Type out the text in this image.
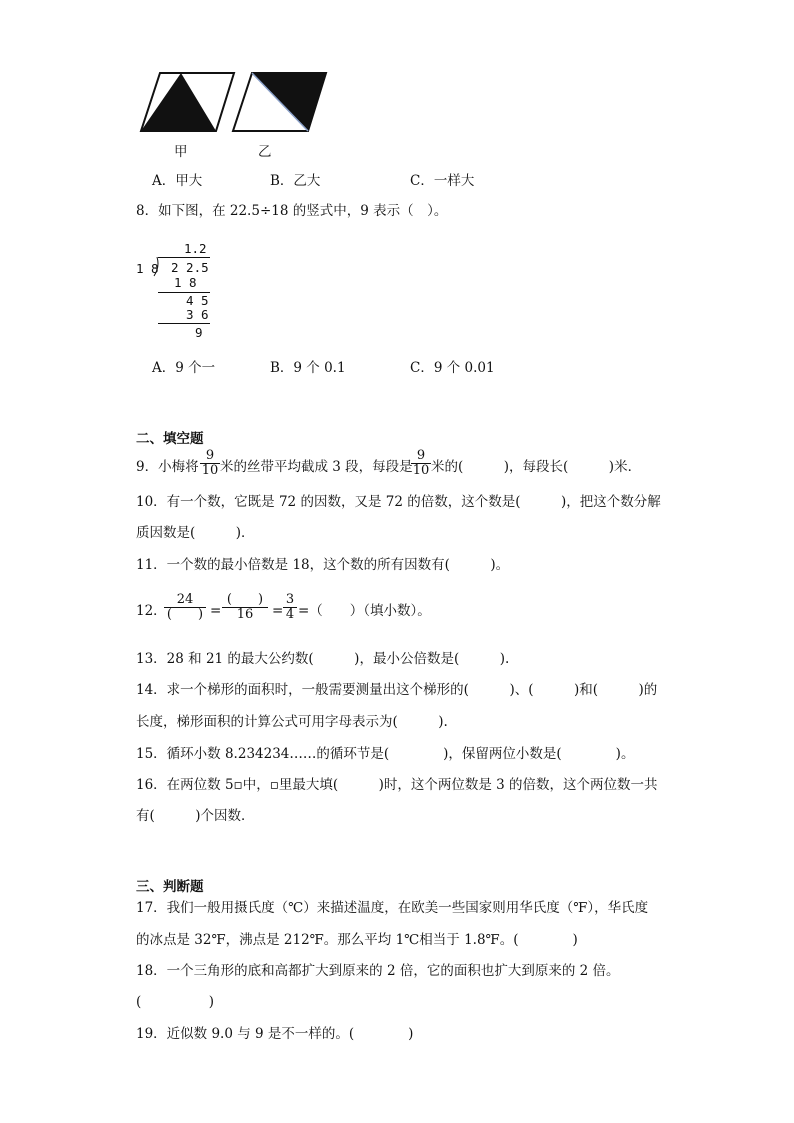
甲	乙
A．甲大	B．乙大	C．一样大
8．如下图，在 22.5÷18 的竖式中，9 表示（　）。
1.2
1 8 2 2.5
1 8
4 5
3 6
9
A．9 个一	B．9 个 0.1	C．9 个 0.01
二、填空题
9．小梅将
9
10 米的丝带平均截成 3 段，每段是
9
10 米的(　　　)，每段长(　　　)米．
10．有一个数，它既是 72 的因数，又是 72 的倍数，这个数是(　　　)，把这个数分解
质因数是(　　　)．
11．一个数的最小倍数是 18，这个数的所有因数有(　　　)。
12．
24
(　　) =
(　　)
16	=
3
4 =（　　）（填小数）。
13．28 和 21 的最大公约数(　　　)，最小公倍数是(　　　).
14．求一个梯形的面积时，一般需要测量出这个梯形的(　　　)、(　　　)和(　　　)的
长度，梯形面积的计算公式可用字母表示为(　　　).
15．循环小数 8.234234……的循环节是(　　　　)，保留两位小数是(　　　　)。
16．在两位数 5▫中，▫里最大填(　　　)时，这个两位数是 3 的倍数，这个两位数一共
有(　　　)个因数．
三、判断题
17．我们一般用摄氏度（℃）来描述温度，在欧美一些国家则用华氏度（℉），华氏度
的冰点是 32℉，沸点是 212℉。那么平均 1℃相当于 1.8℉。(　　　　)
18．一个三角形的底和高都扩大到原来的 2 倍，它的面积也扩大到原来的 2 倍。
(　　　　　)
19．近似数 9.0 与 9 是不一样的。(　　　　)
